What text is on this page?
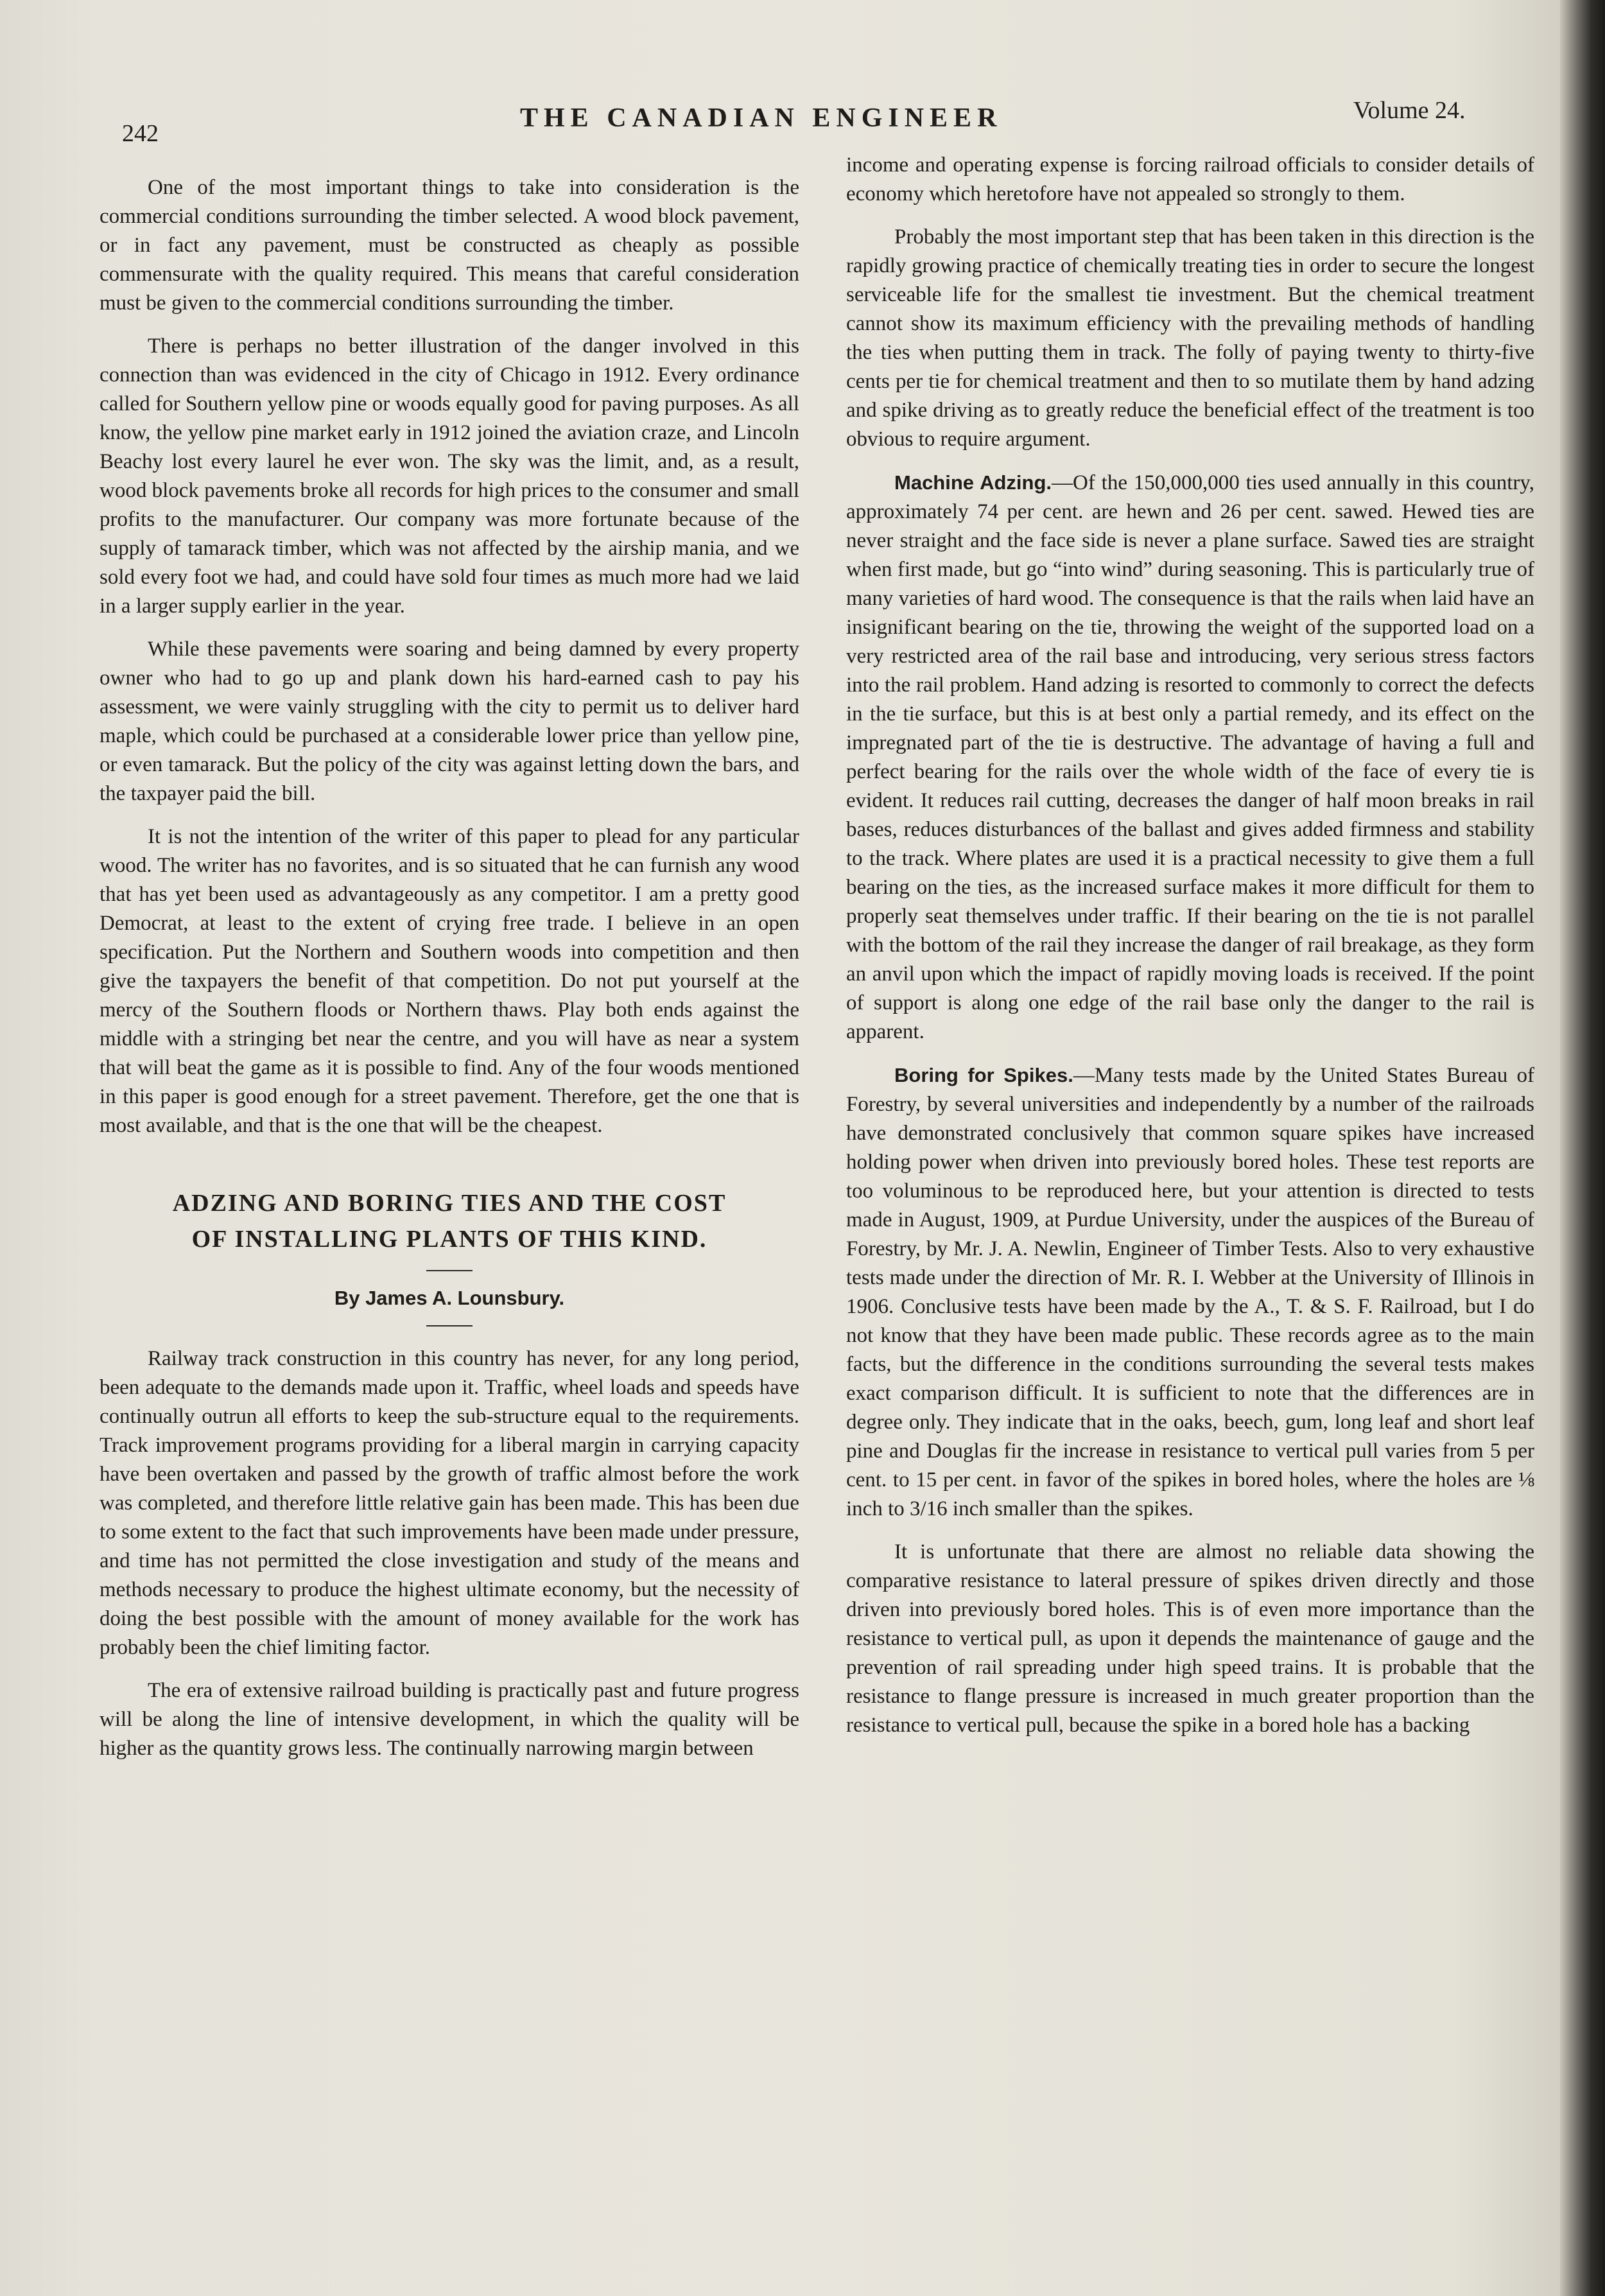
242
THE CANADIAN ENGINEER	Volume 24.

One of the most important things to take into consideration is the commercial conditions surrounding the timber selected. A wood block pavement, or in fact any pavement, must be constructed as cheaply as possible commensurate with the quality required. This means that careful consideration must be given to the commercial conditions surrounding the timber.

There is perhaps no better illustration of the danger involved in this connection than was evidenced in the city of Chicago in 1912. Every ordinance called for Southern yellow pine or woods equally good for paving purposes. As all know, the yellow pine market early in 1912 joined the aviation craze, and Lincoln Beachy lost every laurel he ever won. The sky was the limit, and, as a result, wood block pavements broke all records for high prices to the consumer and small profits to the manufacturer. Our company was more fortunate because of the supply of tamarack timber, which was not affected by the airship mania, and we sold every foot we had, and could have sold four times as much more had we laid in a larger supply earlier in the year.

While these pavements were soaring and being damned by every property owner who had to go up and plank down his hard-earned cash to pay his assessment, we were vainly struggling with the city to permit us to deliver hard maple, which could be purchased at a considerable lower price than yellow pine, or even tamarack. But the policy of the city was against letting down the bars, and the taxpayer paid the bill.

It is not the intention of the writer of this paper to plead for any particular wood. The writer has no favorites, and is so situated that he can furnish any wood that has yet been used as advantageously as any competitor. I am a pretty good Democrat, at least to the extent of crying free trade. I believe in an open specification. Put the Northern and Southern woods into competition and then give the taxpayers the benefit of that competition. Do not put yourself at the mercy of the Southern floods or Northern thaws. Play both ends against the middle with a stringing bet near the centre, and you will have as near a system that will beat the game as it is possible to find. Any of the four woods mentioned in this paper is good enough for a street pavement. Therefore, get the one that is most available, and that is the one that will be the cheapest.

ADZING AND BORING TIES AND THE COST
OF INSTALLING PLANTS OF THIS KIND.
By James A. Lounsbury.

Railway track construction in this country has never, for any long period, been adequate to the demands made upon it. Traffic, wheel loads and speeds have continually outrun all efforts to keep the sub-structure equal to the requirements. Track improvement programs providing for a liberal margin in carrying capacity have been overtaken and passed by the growth of traffic almost before the work was completed, and therefore little relative gain has been made. This has been due to some extent to the fact that such improvements have been made under pressure, and time has not permitted the close investigation and study of the means and methods necessary to produce the highest ultimate economy, but the necessity of doing the best possible with the amount of money available for the work has probably been the chief limiting factor.

The era of extensive railroad building is practically past and future progress will be along the line of intensive development, in which the quality will be higher as the quantity grows less. The continually narrowing margin between

income and operating expense is forcing railroad officials to consider details of economy which heretofore have not appealed so strongly to them.

Probably the most important step that has been taken in this direction is the rapidly growing practice of chemically treating ties in order to secure the longest serviceable life for the smallest tie investment. But the chemical treatment cannot show its maximum efficiency with the prevailing methods of handling the ties when putting them in track. The folly of paying twenty to thirty-five cents per tie for chemical treatment and then to so mutilate them by hand adzing and spike driving as to greatly reduce the beneficial effect of the treatment is too obvious to require argument.

Machine Adzing.—Of the 150,000,000 ties used annually in this country, approximately 74 per cent. are hewn and 26 per cent. sawed. Hewed ties are never straight and the face side is never a plane surface. Sawed ties are straight when first made, but go “into wind” during seasoning. This is particularly true of many varieties of hard wood. The consequence is that the rails when laid have an insignificant bearing on the tie, throwing the weight of the supported load on a very restricted area of the rail base and introducing, very serious stress factors into the rail problem. Hand adzing is resorted to commonly to correct the defects in the tie surface, but this is at best only a partial remedy, and its effect on the impregnated part of the tie is destructive. The advantage of having a full and perfect bearing for the rails over the whole width of the face of every tie is evident. It reduces rail cutting, decreases the danger of half moon breaks in rail bases, reduces disturbances of the ballast and gives added firmness and stability to the track. Where plates are used it is a practical necessity to give them a full bearing on the ties, as the increased surface makes it more difficult for them to properly seat themselves under traffic. If their bearing on the tie is not parallel with the bottom of the rail they increase the danger of rail breakage, as they form an anvil upon which the impact of rapidly moving loads is received. If the point of support is along one edge of the rail base only the danger to the rail is apparent.

Boring for Spikes.—Many tests made by the United States Bureau of Forestry, by several universities and independently by a number of the railroads have demonstrated conclusively that common square spikes have increased holding power when driven into previously bored holes. These test reports are too voluminous to be reproduced here, but your attention is directed to tests made in August, 1909, at Purdue University, under the auspices of the Bureau of Forestry, by Mr. J. A. Newlin, Engineer of Timber Tests. Also to very exhaustive tests made under the direction of Mr. R. I. Webber at the University of Illinois in 1906. Conclusive tests have been made by the A., T. & S. F. Railroad, but I do not know that they have been made public. These records agree as to the main facts, but the difference in the conditions surrounding the several tests makes exact comparison difficult. It is sufficient to note that the differences are in degree only. They indicate that in the oaks, beech, gum, long leaf and short leaf pine and Douglas fir the increase in resistance to vertical pull varies from 5 per cent. to 15 per cent. in favor of the spikes in bored holes, where the holes are ⅛ inch to 3/16 inch smaller than the spikes.

It is unfortunate that there are almost no reliable data showing the comparative resistance to lateral pressure of spikes driven directly and those driven into previously bored holes. This is of even more importance than the resistance to vertical pull, as upon it depends the maintenance of gauge and the prevention of rail spreading under high speed trains. It is probable that the resistance to flange pressure is increased in much greater proportion than the resistance to vertical pull, because the spike in a bored hole has a backing
